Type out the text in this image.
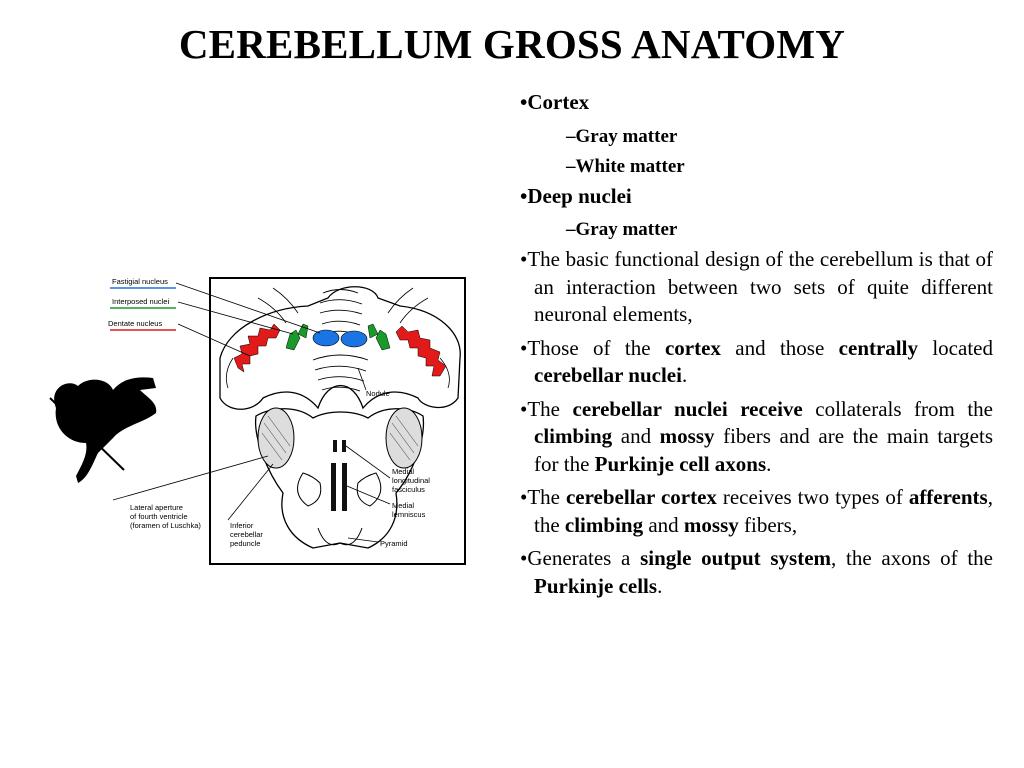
CEREBELLUM GROSS ANATOMY
Fastigial nucleus
Interposed nuclei
Dentate nucleus
Nodule
Lateral aperture
of fourth ventricle
(foramen of Luschka)	Inferior
cerebellar
peduncle
Medial
longitudinal
fasciculus
Medial
lemniscus
Pyramid
•Cortex
–Gray matter
–White matter
•Deep nuclei
–Gray matter
•The basic functional design of the cerebellum is that of an interaction between two sets of quite different neuronal elements,
•Those of the cortex and those centrally located cerebellar nuclei.
•The cerebellar nuclei receive collaterals from the climbing and mossy fibers and are the main targets for the Purkinje cell axons.
•The cerebellar cortex receives two types of afferents, the climbing and mossy fibers,
•Generates a single output system, the axons of the Purkinje cells.
